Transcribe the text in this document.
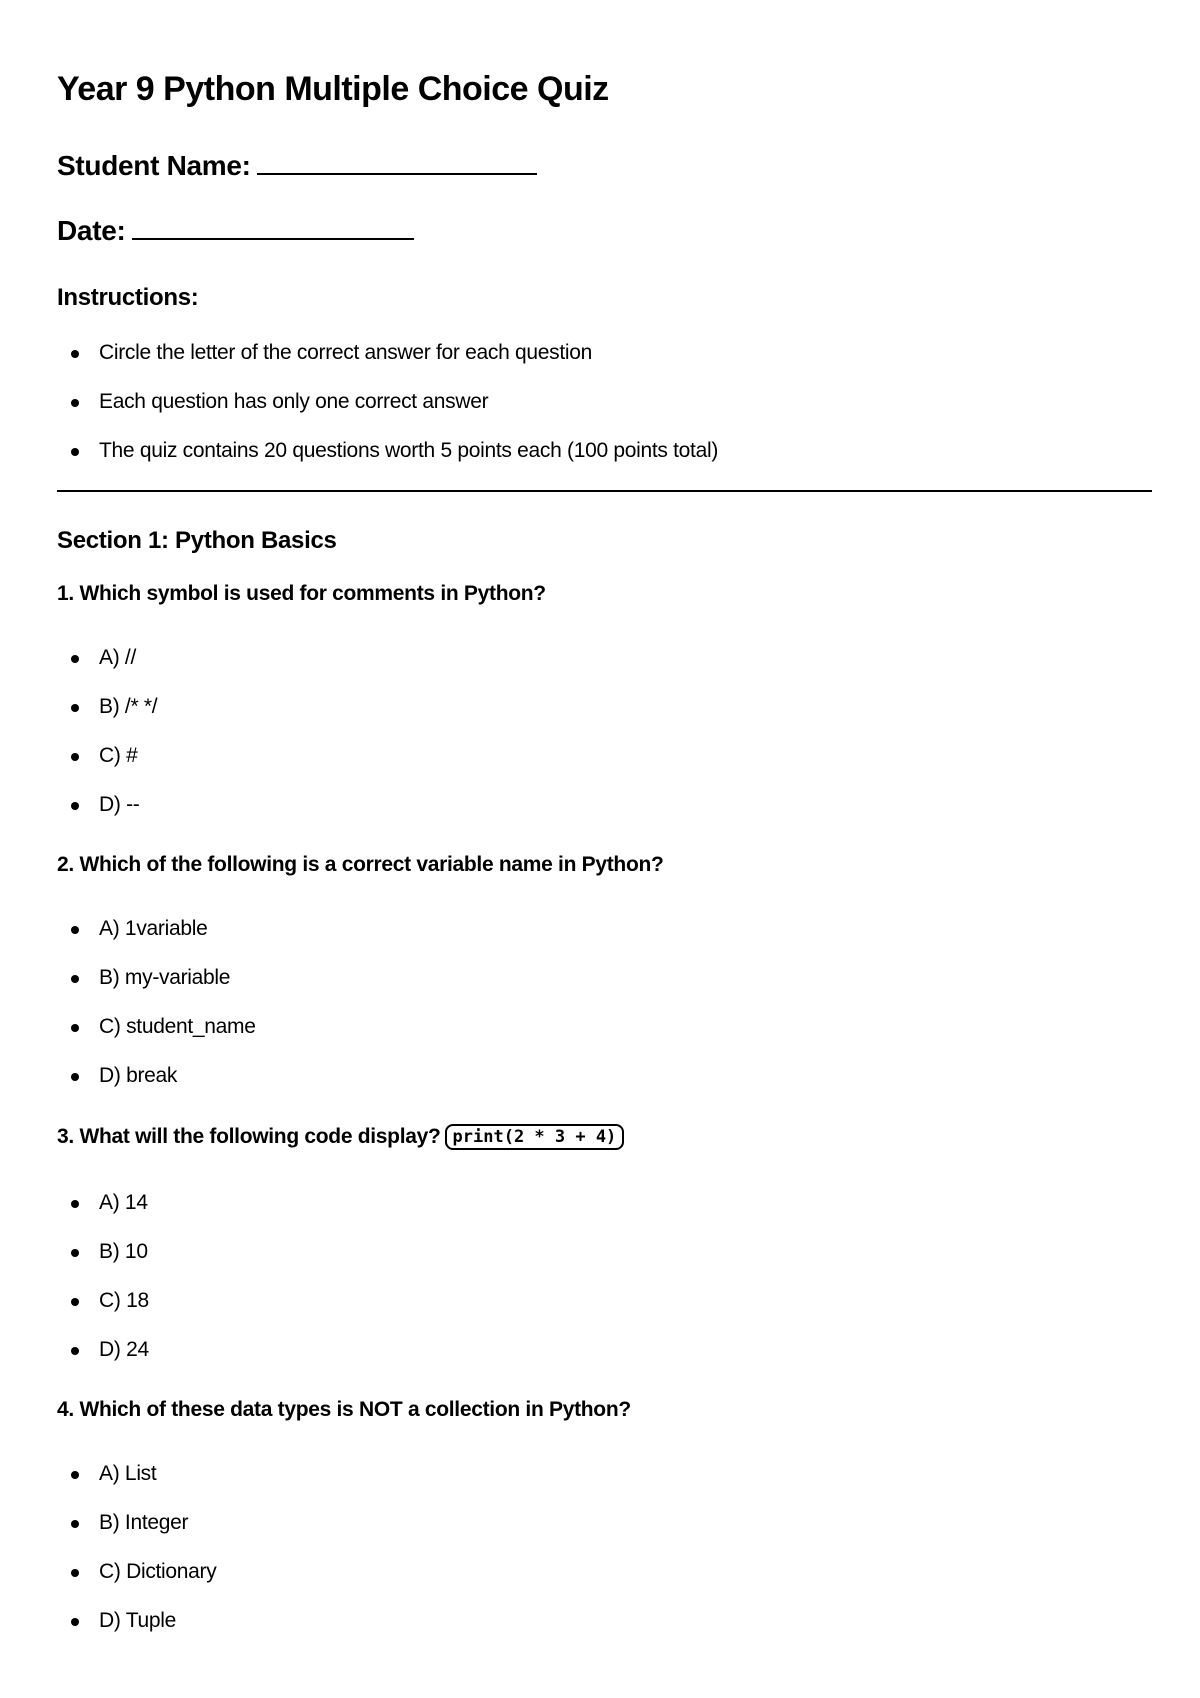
Year 9 Python Multiple Choice Quiz

Student Name:

Date:

Instructions:

Circle the letter of the correct answer for each question
Each question has only one correct answer
The quiz contains 20 questions worth 5 points each (100 points total)

Section 1: Python Basics

1. Which symbol is used for comments in Python?

A) //
B) /* */
C) #
D) --

2. Which of the following is a correct variable name in Python?

A) 1variable
B) my-variable
C) student_name
D) break

3. What will the following code display? print(2 * 3 + 4)

A) 14
B) 10
C) 18
D) 24

4. Which of these data types is NOT a collection in Python?

A) List
B) Integer
C) Dictionary
D) Tuple
